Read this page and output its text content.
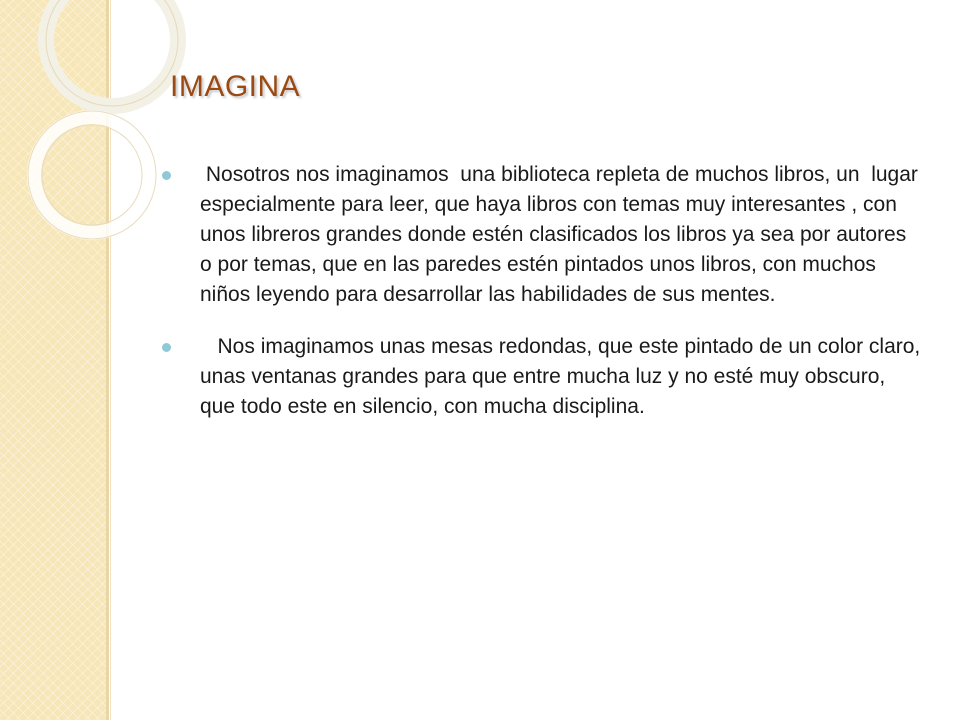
IMAGINA
Nosotros nos imaginamos  una biblioteca repleta de muchos libros, un  lugar especialmente para leer, que haya libros con temas muy interesantes , con unos libreros grandes donde estén clasificados los libros ya sea por autores  o por temas, que en las paredes estén pintados unos libros, con muchos niños leyendo para desarrollar las habilidades de sus mentes.
Nos imaginamos unas mesas redondas, que este pintado de un color claro, unas ventanas grandes para que entre mucha luz y no esté muy obscuro, que todo este en silencio, con mucha disciplina.
